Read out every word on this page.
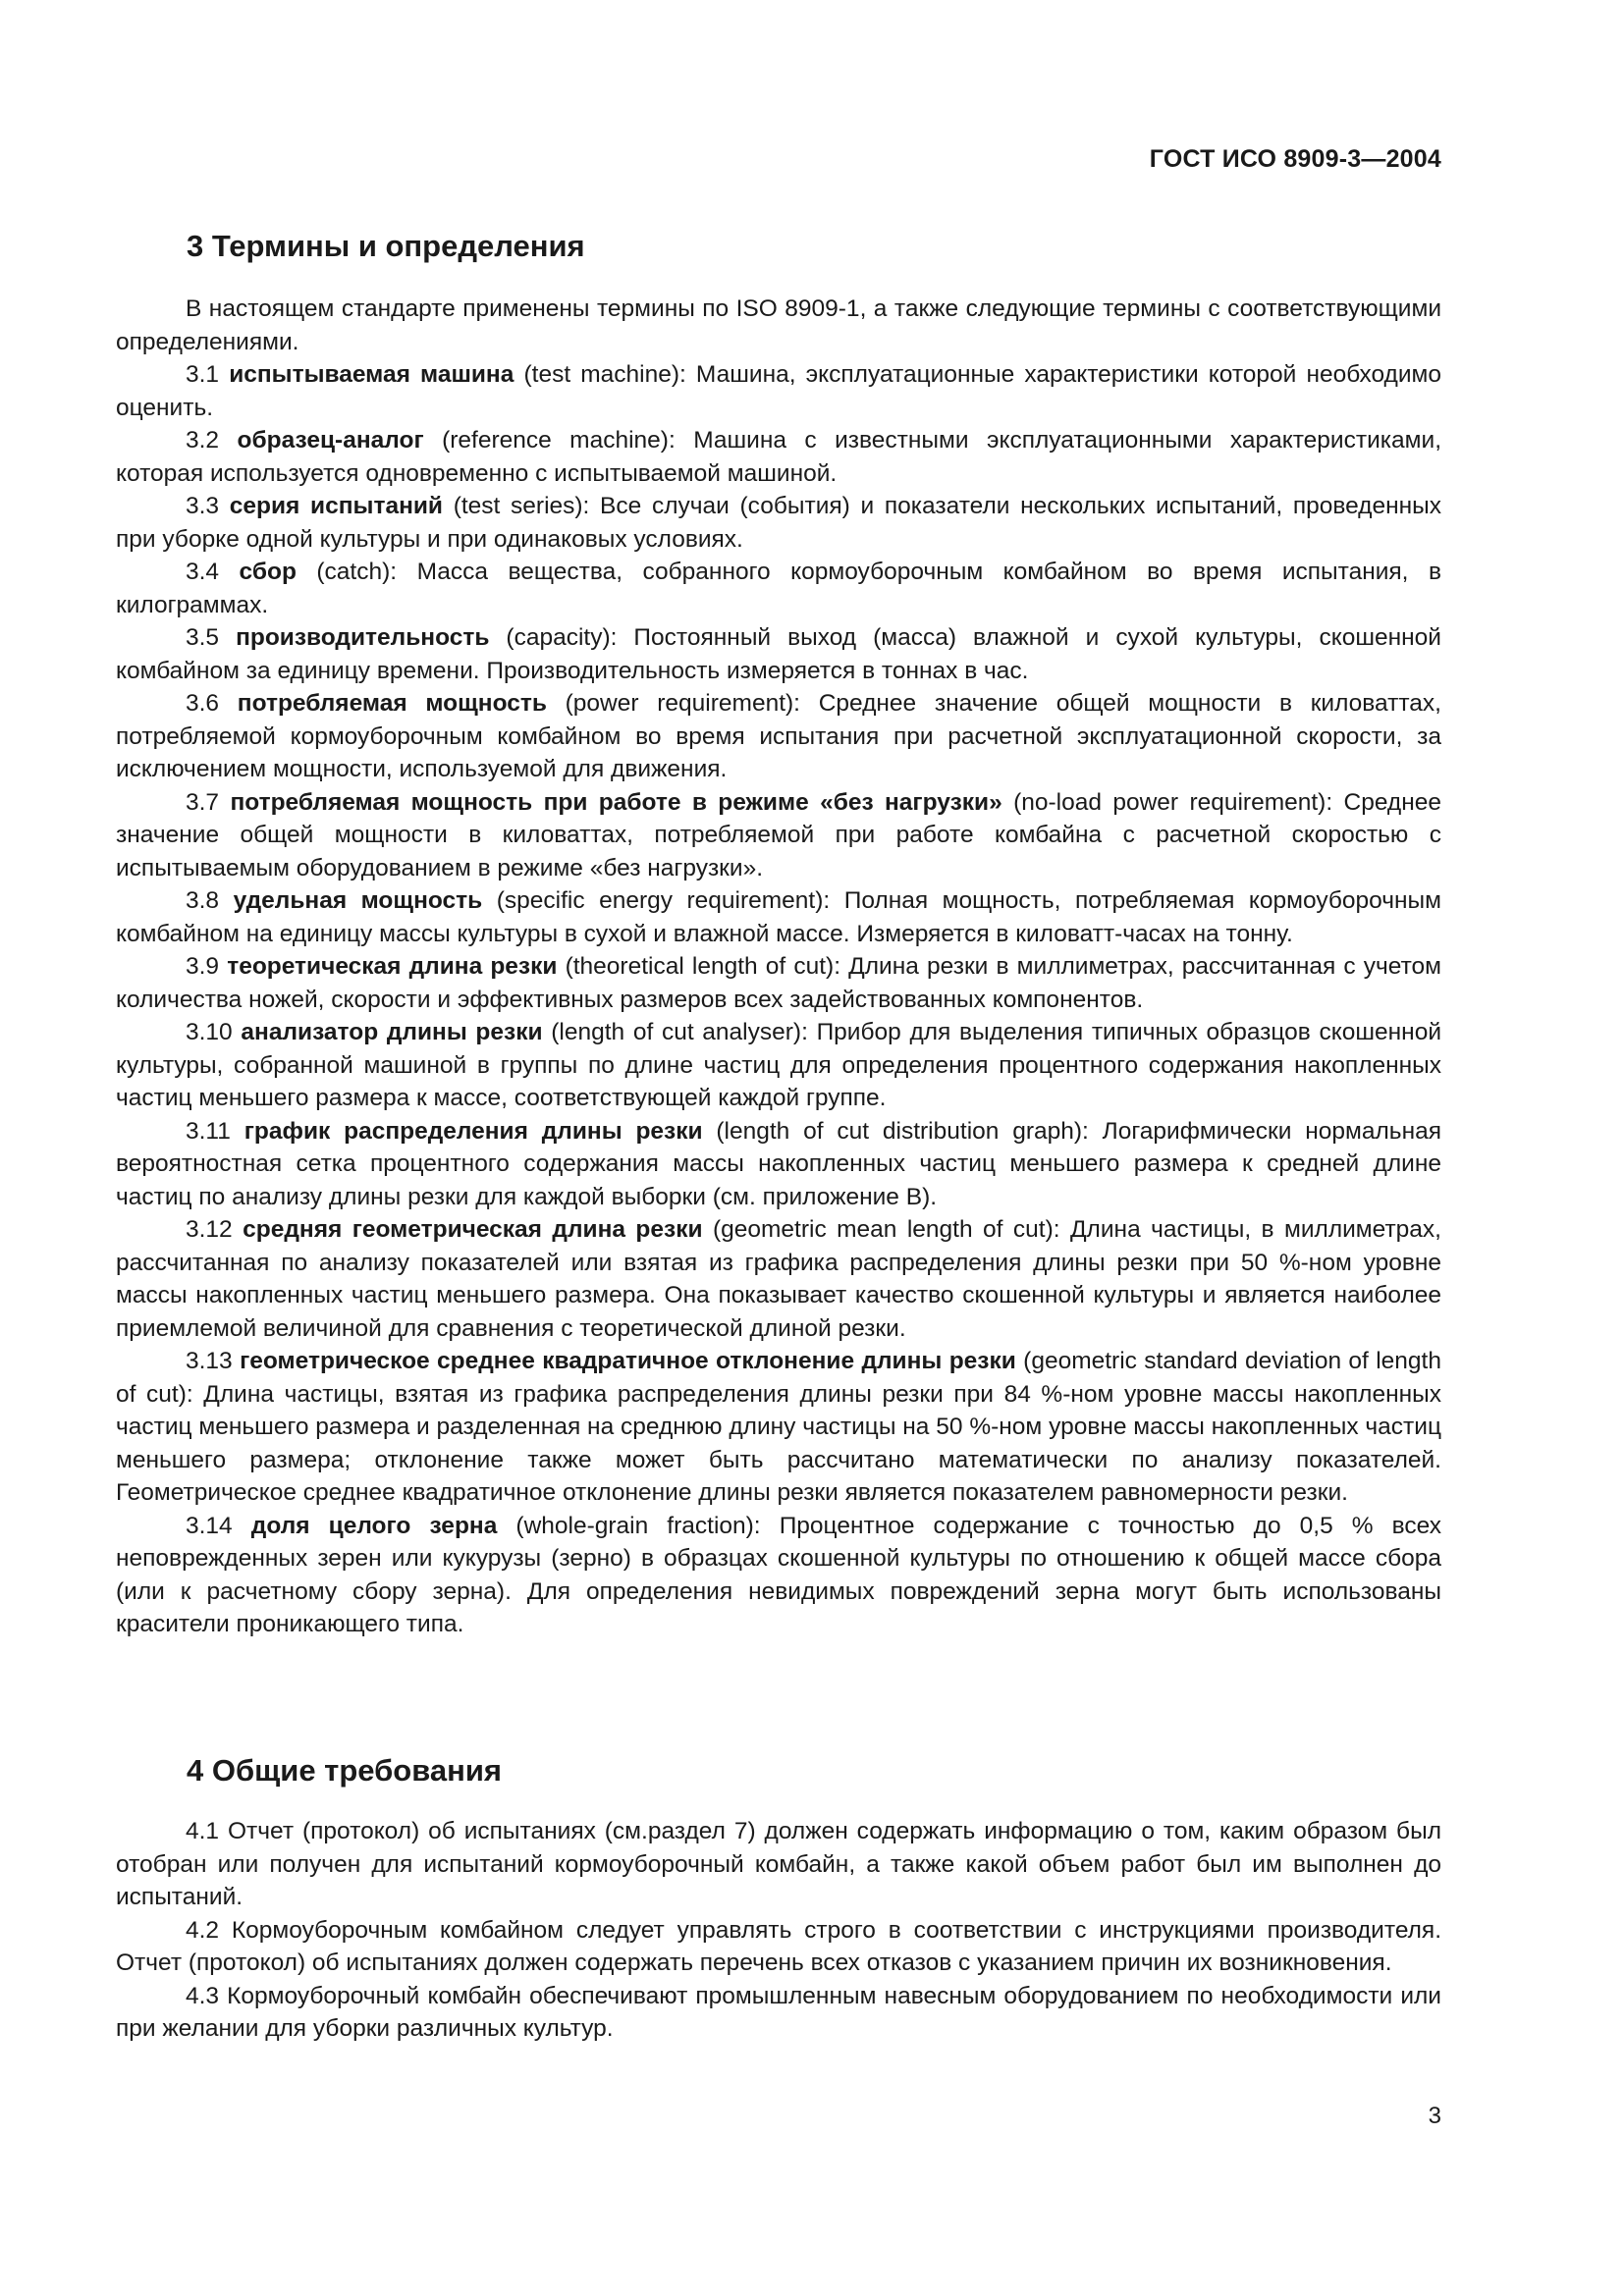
ГОСТ ИСО 8909-3—2004
3 Термины и определения

В настоящем стандарте применены термины по ISO 8909-1, а также следующие термины с соответствующими определениями.

3.1 испытываемая машина (test machine): Машина, эксплуатационные характеристики которой необходимо оценить.

3.2 образец-аналог (reference machine): Машина с известными эксплуатационными характеристиками, которая используется одновременно с испытываемой машиной.

3.3 серия испытаний (test series): Все случаи (события) и показатели нескольких испытаний, проведенных при уборке одной культуры и при одинаковых условиях.

3.4 сбор (catch): Масса вещества, собранного кормоуборочным комбайном во время испытания, в килограммах.

3.5 производительность (capacity): Постоянный выход (масса) влажной и сухой культуры, скошенной комбайном за единицу времени. Производительность измеряется в тоннах в час.

3.6 потребляемая мощность (power requirement): Среднее значение общей мощности в киловаттах, потребляемой кормоуборочным комбайном во время испытания при расчетной эксплуатационной скорости, за исключением мощности, используемой для движения.

3.7 потребляемая мощность при работе в режиме «без нагрузки» (no-load power requirement): Среднее значение общей мощности в киловаттах, потребляемой при работе комбайна с расчетной скоростью с испытываемым оборудованием в режиме «без нагрузки».

3.8 удельная мощность (specific energy requirement): Полная мощность, потребляемая кормоуборочным комбайном на единицу массы культуры в сухой и влажной массе. Измеряется в киловатт-часах на тонну.

3.9 теоретическая длина резки (theoretical length of cut): Длина резки в миллиметрах, рассчитанная с учетом количества ножей, скорости и эффективных размеров всех задействованных компонентов.

3.10 анализатор длины резки (length of cut analyser): Прибор для выделения типичных образцов скошенной культуры, собранной машиной в группы по длине частиц для определения процентного содержания накопленных частиц меньшего размера к массе, соответствующей каждой группе.

3.11 график распределения длины резки (length of cut distribution graph): Логарифмически нормальная вероятностная сетка процентного содержания массы накопленных частиц меньшего размера к средней длине частиц по анализу длины резки для каждой выборки (см. приложение В).

3.12 средняя геометрическая длина резки (geometric mean length of cut): Длина частицы, в миллиметрах, рассчитанная по анализу показателей или взятая из графика распределения длины резки при 50 %-ном уровне массы накопленных частиц меньшего размера. Она показывает качество скошенной культуры и является наиболее приемлемой величиной для сравнения с теоретической длиной резки.

3.13 геометрическое среднее квадратичное отклонение длины резки (geometric standard deviation of length of cut): Длина частицы, взятая из графика распределения длины резки при 84 %-ном уровне массы накопленных частиц меньшего размера и разделенная на среднюю длину частицы на 50 %-ном уровне массы накопленных частиц меньшего размера; отклонение также может быть рассчитано математически по анализу показателей. Геометрическое среднее квадратичное отклонение длины резки является показателем равномерности резки.

3.14 доля целого зерна (whole-grain fraction): Процентное содержание с точностью до 0,5 % всех неповрежденных зерен или кукурузы (зерно) в образцах скошенной культуры по отношению к общей массе сбора (или к расчетному сбору зерна). Для определения невидимых повреждений зерна могут быть использованы красители проникающего типа.

4 Общие требования

4.1 Отчет (протокол) об испытаниях (см.раздел 7) должен содержать информацию о том, каким образом был отобран или получен для испытаний кормоуборочный комбайн, а также какой объем работ был им выполнен до испытаний.

4.2 Кормоуборочным комбайном следует управлять строго в соответствии с инструкциями производителя. Отчет (протокол) об испытаниях должен содержать перечень всех отказов с указанием причин их возникновения.

4.3 Кормоуборочный комбайн обеспечивают промышленным навесным оборудованием по необходимости или при желании для уборки различных культур.

3
